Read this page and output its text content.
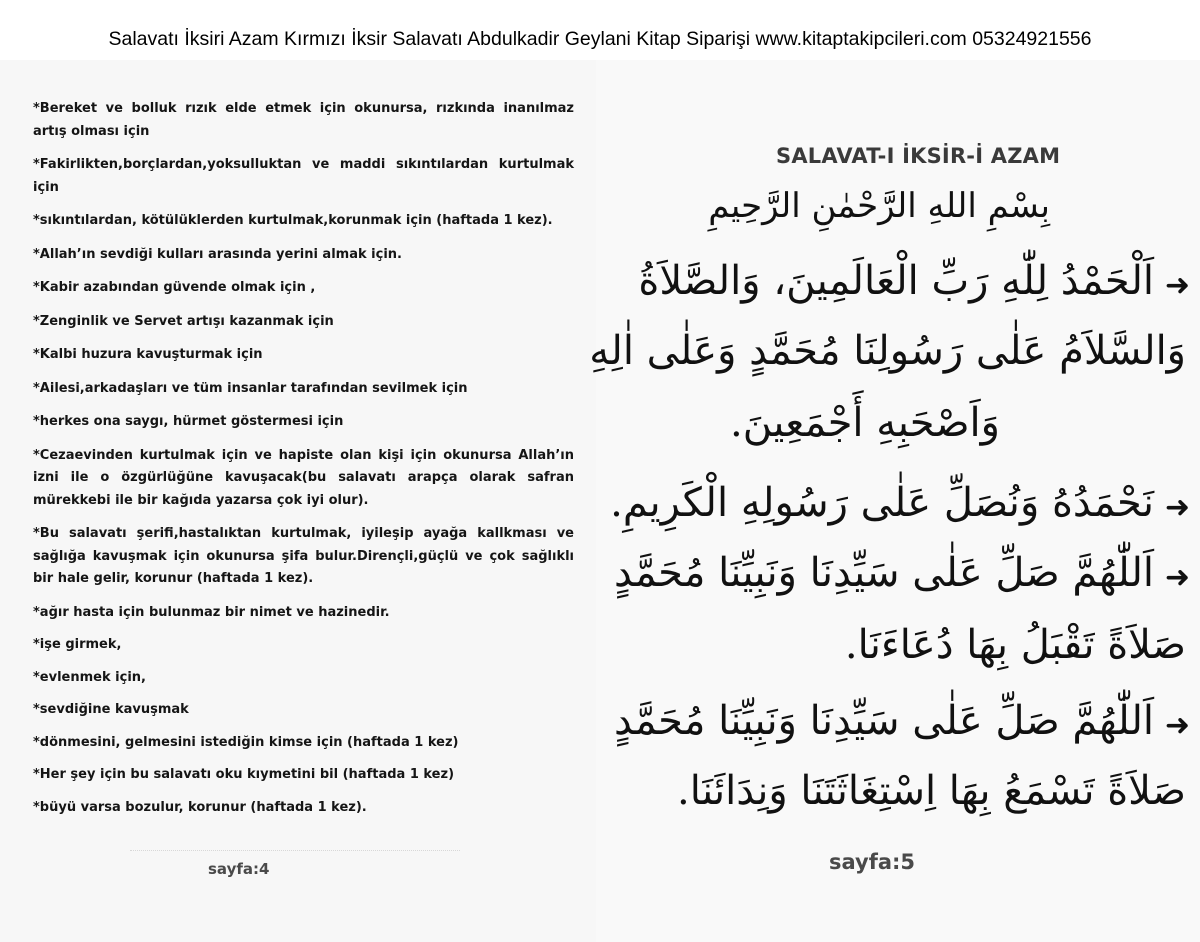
Salavatı İksiri Azam Kırmızı İksir Salavatı Abdulkadir Geylani Kitap Siparişi www.kitaptakipcileri.com 05324921556

*Bereket ve bolluk rızık elde etmek için okunursa, rızkında inanılmaz artış olması için

*Fakirlikten,borçlardan,yoksulluktan ve maddi sıkıntılardan kurtulmak için

*sıkıntılardan, kötülüklerden kurtulmak,korunmak için (haftada 1 kez).

*Allah’ın sevdiği kulları arasında yerini almak için.

*Kabir azabından güvende olmak için ,

*Zenginlik ve Servet artışı kazanmak için

*Kalbi huzura kavuşturmak için

*Ailesi,arkadaşları ve tüm insanlar tarafından sevilmek için

*herkes ona saygı, hürmet göstermesi için

*Cezaevinden kurtulmak için ve hapiste olan kişi için okunursa Allah’ın izni ile o özgürlüğüne kavuşacak(bu salavatı arapça olarak safran mürekkebi ile bir kağıda yazarsa çok iyi olur).

*Bu salavatı şerifi,hastalıktan kurtulmak, iyileşip ayağa kallkması ve sağlığa kavuşmak için okunursa şifa bulur.Dirençli,güçlü ve çok sağlıklı bir hale gelir, korunur (haftada 1 kez).

*ağır hasta için bulunmaz bir nimet ve hazinedir.

*işe girmek,

*evlenmek için,

*sevdiğine kavuşmak

*dönmesini, gelmesini istediğin kimse için (haftada 1 kez)

*Her şey için bu salavatı oku kıymetini bil (haftada 1 kez)

*büyü varsa bozulur, korunur (haftada 1 kez).

sayfa:4
SALAVAT-I İKSİR-İ AZAM
بِسْمِ اللهِ الرَّحْمٰنِ الرَّحِيمِ
➜
اَلْحَمْدُ لِلّٰهِ رَبِّ الْعَالَمِينَ، وَالصَّلاَةُ
وَالسَّلاَمُ عَلٰى رَسُولِنَا مُحَمَّدٍ وَعَلٰى اٰلِهِ
وَاَصْحَبِهِ أَجْمَعِينَ.
➜
نَحْمَدُهُ وَنُصَلِّ عَلٰى رَسُولِهِ الْكَرِيمِ.
➜
اَللّٰهُمَّ صَلِّ عَلٰى سَيِّدِنَا وَنَبِيِّنَا مُحَمَّدٍ
صَلاَةً تَقْبَلُ بِهَا دُعَاءَنَا.
➜
اَللّٰهُمَّ صَلِّ عَلٰى سَيِّدِنَا وَنَبِيِّنَا مُحَمَّدٍ
صَلاَةً تَسْمَعُ بِهَا اِسْتِغَاثَتَنَا وَنِدَائَنَا.
sayfa:5
